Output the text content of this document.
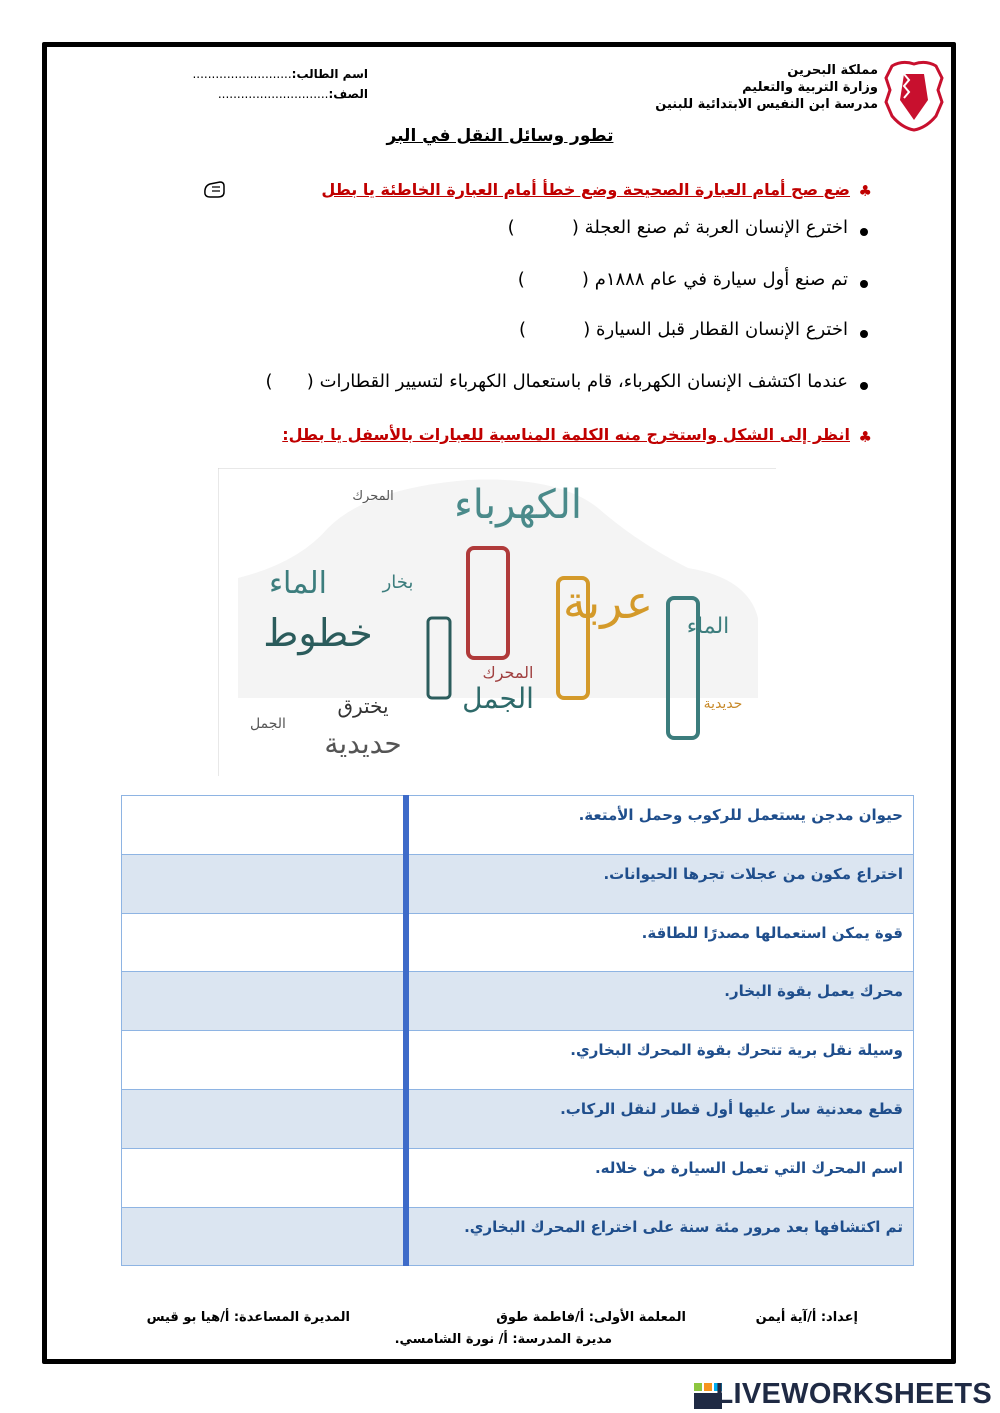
مملكة البحرين
وزارة التربية والتعليم
مدرسة ابن النفيس الابتدائية للبنين
اسم الطالب:..........................
الصف:.............................
تطور وسائل النقل في البر
♣
ضع صح أمام العبارة الصحيحة وضع خطأ أمام العبارة الخاطئة يا بطل
اخترع الإنسان العربة ثم صنع العجلة (          )
تم صنع أول سيارة في عام ١٨٨٨م (          )
اخترع الإنسان القطار قبل السيارة (          )
عندما اكتشف الإنسان الكهرباء، قام باستعمال الكهرباء لتسيير القطارات (      )
♣
انظر إلى الشكل واستخرج منه الكلمة المناسبة للعبارات بالأسفل يا بطل:
الكهرباء
خطوط
الماء
الجمل
حديدية
يخترق
المحرك
بخار	عربة
حديدية
المحرك
الجمل
الماء
حيوان مدجن يستعمل للركوب وحمل الأمتعة.	
اختراع مكون من عجلات تجرها الحيوانات.	
قوة يمكن استعمالها مصدرًا للطاقة.	
محرك يعمل بقوة البخار.	
وسيلة نقل برية تتحرك بقوة المحرك البخاري.	
قطع معدنية سار عليها أول قطار لنقل الركاب.	
اسم المحرك التي تعمل السيارة من خلاله.	
تم اكتشافها بعد مرور مئة سنة على اختراع المحرك البخاري.	
إعداد: أ/آية أيمن
المعلمة الأولى: أ/فاطمة طوق
المديرة المساعدة: أ/هيا بو قيس
مديرة المدرسة: أ/ نورة الشامسي.
LIVEWORKSHEETS
